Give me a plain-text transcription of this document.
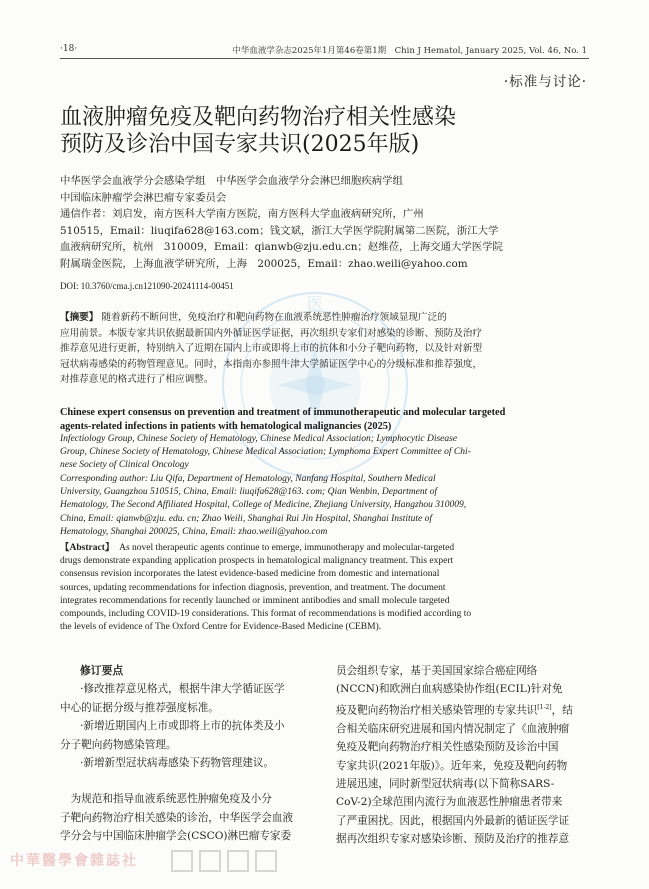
·18·	中华血液学杂志2025年1月第46卷第1期　Chin J Hematol, January 2025, Vol. 46, No. 1
·标准与讨论·
医
血液肿瘤免疫及靶向药物治疗相关性感染
预防及诊治中国专家共识(2025年版)
中华医学会血液学分会感染学组　中华医学会血液学分会淋巴细胞疾病学组
中国临床肿瘤学会淋巴瘤专家委员会
通信作者：刘启发，南方医科大学南方医院，南方医科大学血液病研究所，广州
510515，Email：liuqifa628@163.com；钱文斌，浙江大学医学院附属第二医院，浙江大学
血液病研究所，杭州　310009，Email：qianwb@zju.edu.cn；赵维莅，上海交通大学医学院
附属瑞金医院，上海血液学研究所，上海　200025，Email：zhao.weili@yahoo.com
DOI: 10.3760/cma.j.cn121090-20241114-00451
【摘要】 随着新药不断问世，免疫治疗和靶向药物在血液系统恶性肿瘤治疗领域显现广泛的
应用前景。本版专家共识依据最新国内外循证医学证据，再次组织专家们对感染的诊断、预防及治疗
推荐意见进行更新，特别纳入了近期在国内上市或即将上市的抗体和小分子靶向药物，以及针对新型
冠状病毒感染的药物管理意见。同时，本指南亦参照牛津大学循证医学中心的分级标准和推荐强度，
对推荐意见的格式进行了相应调整。
Chinese expert consensus on prevention and treatment of immunotherapeutic and molecular targeted
agents-related infections in patients with hematological malignancies (2025)
Infectiology Group, Chinese Society of Hematology, Chinese Medical Association; Lymphocytic Disease
Group, Chinese Society of Hematology, Chinese Medical Association; Lymphoma Expert Committee of Chi-
nese Society of Clinical Oncology
Corresponding author: Liu Qifa, Department of Hematology, Nanfang Hospital, Southern Medical
University, Guangzhou 510515, China, Email: liuqifa628@163. com; Qian Wenbin, Department of
Hematology, The Second Affiliated Hospital, College of Medicine, Zhejiang University, Hangzhou 310009,
China, Email: qianwb@zju. edu. cn; Zhao Weili, Shanghai Rui Jin Hospital, Shanghai Institute of
Hematology, Shanghai 200025, China, Email: zhao.weili@yahoo.com
【Abstract】 As novel therapeutic agents continue to emerge, immunotherapy and molecular-targeted
drugs demonstrate expanding application prospects in hematological malignancy treatment. This expert
consensus revision incorporates the latest evidence-based medicine from domestic and international
sources, updating recommendations for infection diagnosis, prevention, and treatment. The document
integrates recommendations for recently launched or imminent antibodies and small molecule targeted
compounds, including COVID-19 considerations. This format of recommendations is modified according to
the levels of evidence of The Oxford Centre for Evidence-Based Medicine (CEBM).
修订要点
·修改推荐意见格式，根据牛津大学循证医学
中心的证据分级与推荐强度标准。
·新增近期国内上市或即将上市的抗体类及小
分子靶向药物感染管理。
·新增新型冠状病毒感染下药物管理建议。
　为规范和指导血液系统恶性肿瘤免疫及小分
子靶向药物治疗相关感染的诊治，中华医学会血液
学分会与中国临床肿瘤学会(CSCO)淋巴瘤专家委
员会组织专家，基于美国国家综合癌症网络
(NCCN)和欧洲白血病感染协作组(ECIL)针对免
疫及靶向药物治疗相关感染管理的专家共识[1-2]，结
合相关临床研究进展和国内情况制定了《血液肿瘤
免疫及靶向药物治疗相关性感染预防及诊治中国
专家共识(2021年版)》。近年来，免疫及靶向药物
进展迅速，同时新型冠状病毒(以下简称SARS-
CoV-2)全球范围内流行为血液恶性肿瘤患者带来
了严重困扰。因此，根据国内外最新的循证医学证
据再次组织专家对感染诊断、预防及治疗的推荐意
中華醫學會雜誌社
